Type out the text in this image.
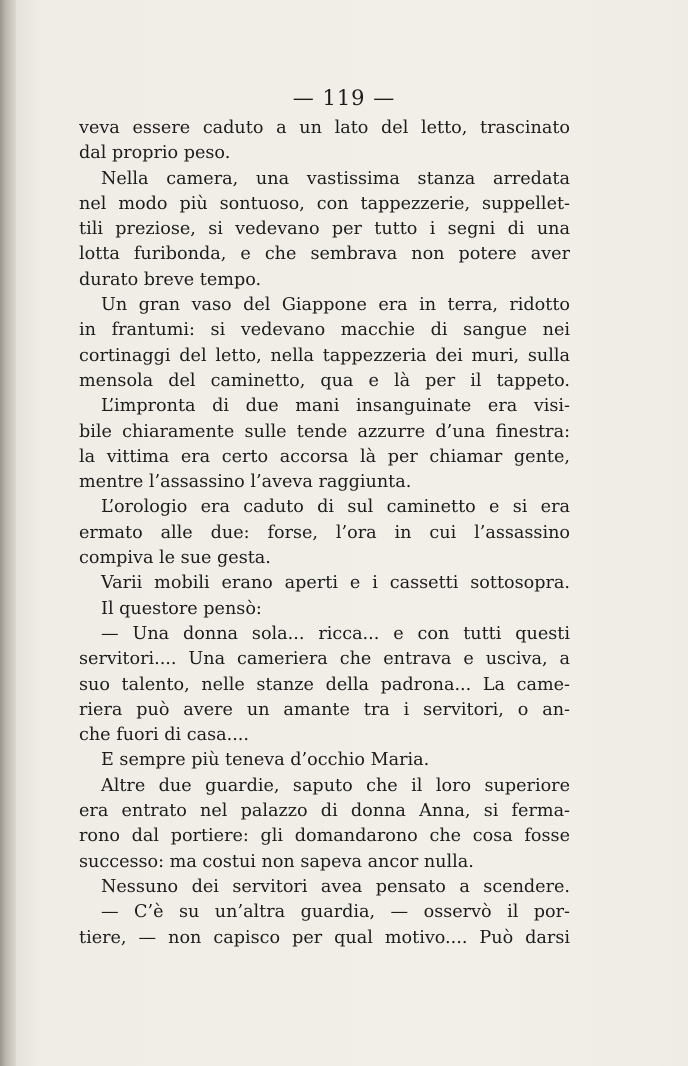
— 119 —
veva essere caduto a un lato del letto, trascinato
dal proprio peso.
Nella camera, una vastissima stanza arredata
nel modo più sontuoso, con tappezzerie, suppellet-
tili preziose, si vedevano per tutto i segni di una
lotta furibonda, e che sembrava non potere aver
durato breve tempo.
Un gran vaso del Giappone era in terra, ridotto
in frantumi: si vedevano macchie di sangue nei
cortinaggi del letto, nella tappezzeria dei muri, sulla
mensola del caminetto, qua e là per il tappeto.
L’impronta di due mani insanguinate era visi-
bile chiaramente sulle tende azzurre d’una finestra:
la vittima era certo accorsa là per chiamar gente,
mentre l’assassino l’aveva raggiunta.
L’orologio era caduto di sul caminetto e si era
ermato alle due: forse, l’ora in cui l’assassino
compiva le sue gesta.
Varii mobili erano aperti e i cassetti sottosopra.
Il questore pensò:
— Una donna sola... ricca... e con tutti questi
servitori.... Una cameriera che entrava e usciva, a
suo talento, nelle stanze della padrona... La came-
riera può avere un amante tra i servitori, o an-
che fuori di casa....
E sempre più teneva d’occhio Maria.
Altre due guardie, saputo che il loro superiore
era entrato nel palazzo di donna Anna, si ferma-
rono dal portiere: gli domandarono che cosa fosse
successo: ma costui non sapeva ancor nulla.
Nessuno dei servitori avea pensato a scendere.
— C’è su un’altra guardia, — osservò il por-
tiere, — non capisco per qual motivo.... Può darsi
